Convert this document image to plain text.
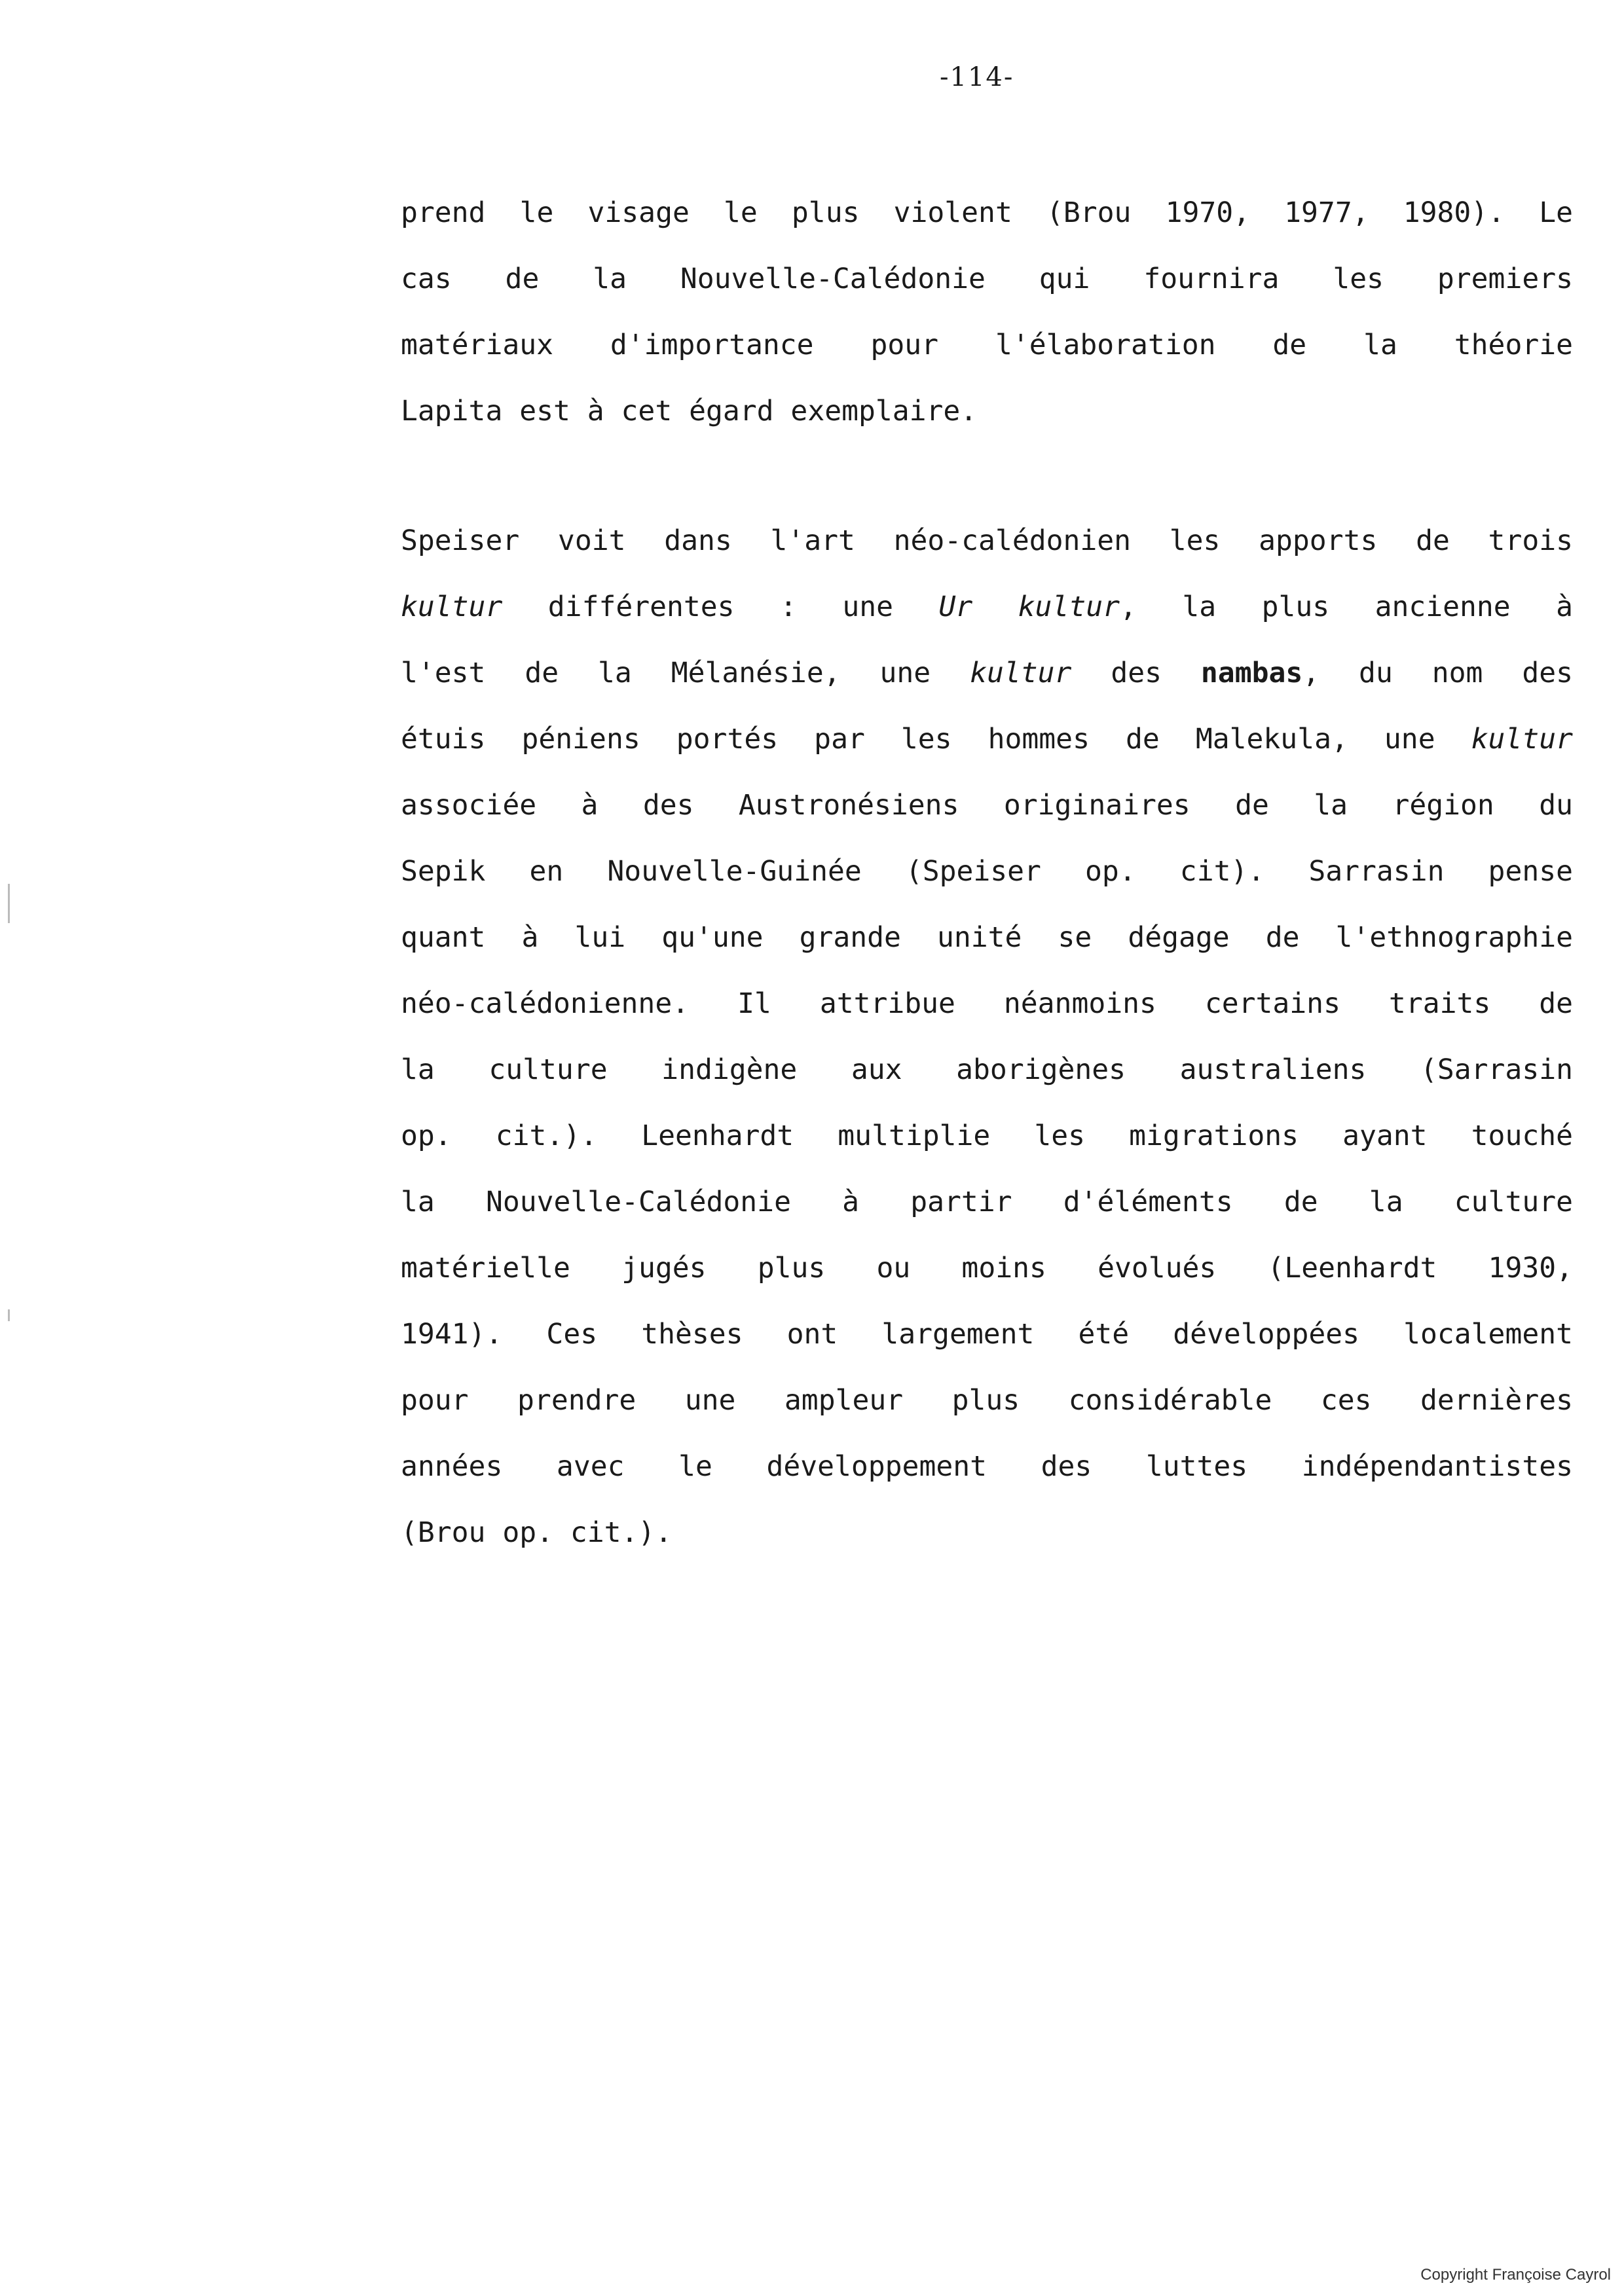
-114-

prend le visage le plus violent (Brou 1970, 1977, 1980). Le
cas de la Nouvelle-Calédonie qui fournira les premiers
matériaux d'importance pour l'élaboration de la théorie
Lapita est à cet égard exemplaire.

Speiser voit dans l'art néo-calédonien les apports de trois
kultur différentes : une Ur kultur, la plus ancienne à
l'est de la Mélanésie, une kultur des nambas, du nom des
étuis péniens portés par les hommes de Malekula, une kultur
associée à des Austronésiens originaires de la région du
Sepik en Nouvelle-Guinée (Speiser op. cit). Sarrasin pense
quant à lui qu'une grande unité se dégage de l'ethnographie
néo-calédonienne. Il attribue néanmoins certains traits de
la culture indigène aux aborigènes australiens (Sarrasin
op. cit.). Leenhardt multiplie les migrations ayant touché
la Nouvelle-Calédonie à partir d'éléments de la culture
matérielle jugés plus ou moins évolués (Leenhardt 1930,
1941). Ces thèses ont largement été développées localement
pour prendre une ampleur plus considérable ces dernières
années avec le développement des luttes indépendantistes
(Brou op. cit.).

Copyright Françoise Cayrol
